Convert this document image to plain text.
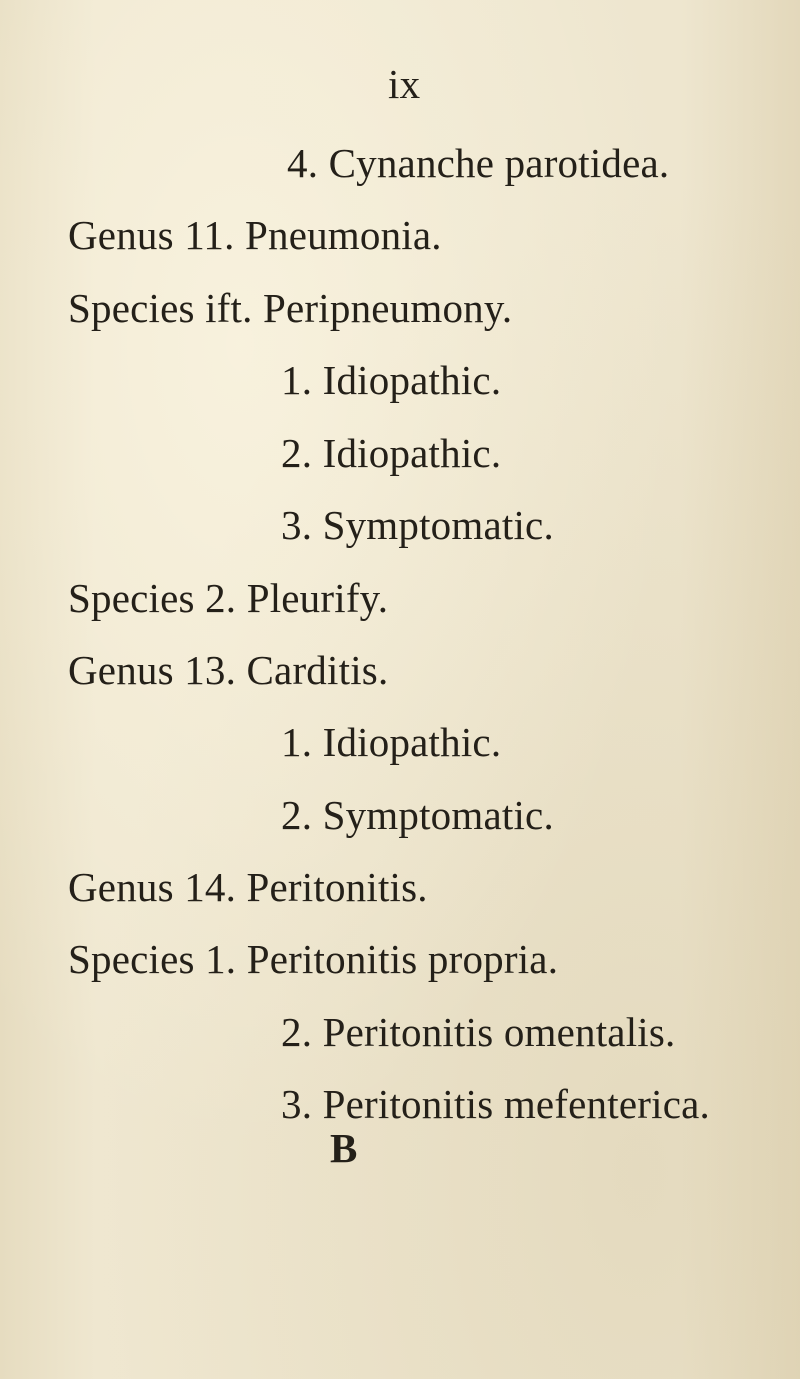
ix
4. Cynanche parotidea.
Genus 11. Pneumonia.
Species ift. Peripneumony.
1. Idiopathic.
2. Idiopathic.
3. Symptomatic.
Species 2. Pleurify.
Genus 13. Carditis.
1. Idiopathic.
2. Symptomatic.
Genus 14. Peritonitis.
Species 1. Peritonitis propria.
2. Peritonitis omentalis.
3. Peritonitis mefenterica.
B
